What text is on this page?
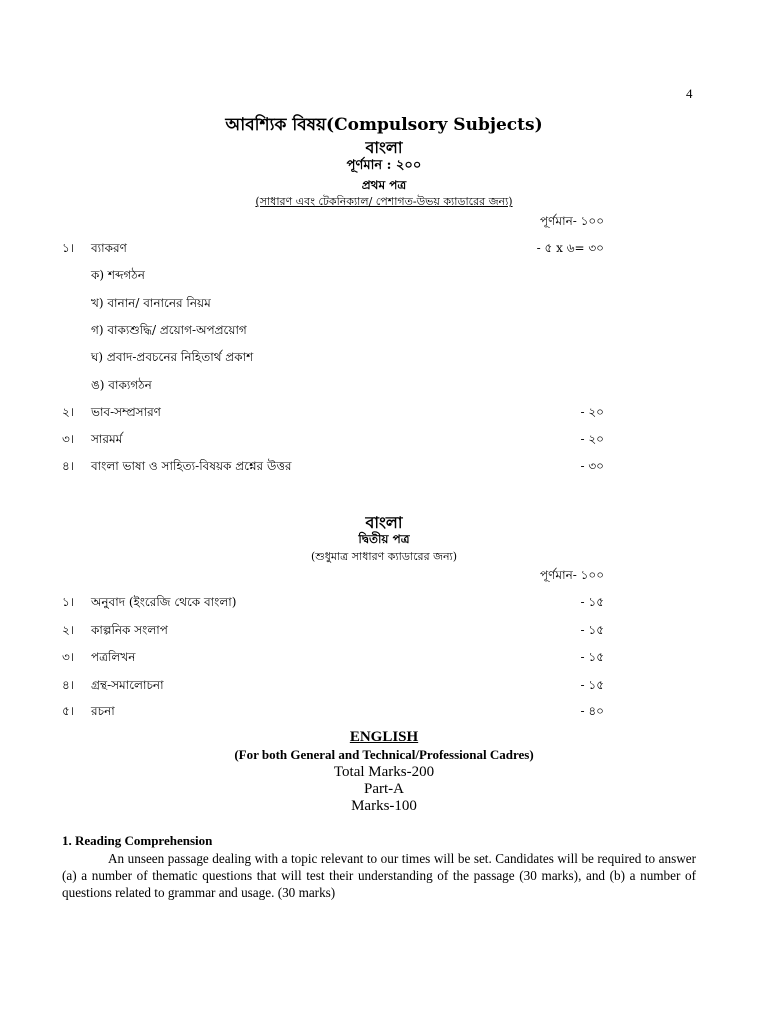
4
আবশ্যিক বিষয়(Compulsory Subjects)
বাংলা
পূর্ণমান : ২০০
প্রথম পত্র
(সাধারণ এবং টেকনিক্যাল/ পেশাগত-উভয় ক্যাডারের জন্য)
পূর্ণমান- ১০০
১। ব্যাকরণ	- ৫ x ৬= ৩০
ক) শব্দগঠন
খ) বানান/ বানানের নিয়ম
গ) বাক্যশুদ্ধি/ প্রয়োগ-অপপ্রয়োগ
ঘ) প্রবাদ-প্রবচনের নিহিতার্থ প্রকাশ
ঙ) বাক্যগঠন
২। ভাব-সম্প্রসারণ	- ২০
৩। সারমর্ম	- ২০
৪। বাংলা ভাষা ও সাহিত্য-বিষয়ক প্রশ্নের উত্তর	- ৩০
বাংলা
দ্বিতীয় পত্র
(শুধুমাত্র সাধারণ ক্যাডারের জন্য)
পূর্ণমান- ১০০
১। অনুবাদ (ইংরেজি থেকে বাংলা)	- ১৫
২। কাল্পনিক সংলাপ	- ১৫
৩। পত্রলিখন	- ১৫
৪। গ্রন্থ-সমালোচনা	- ১৫
৫। রচনা	- ৪০
ENGLISH
(For both General and Technical/Professional Cadres)
Total Marks-200
Part-A
Marks-100
1. Reading Comprehension
An unseen passage dealing with a topic relevant to our times will be set. Candidates will be required to answer (a) a number of thematic questions that will test their understanding of the passage (30 marks), and (b) a number of questions related to grammar and usage. (30 marks)
